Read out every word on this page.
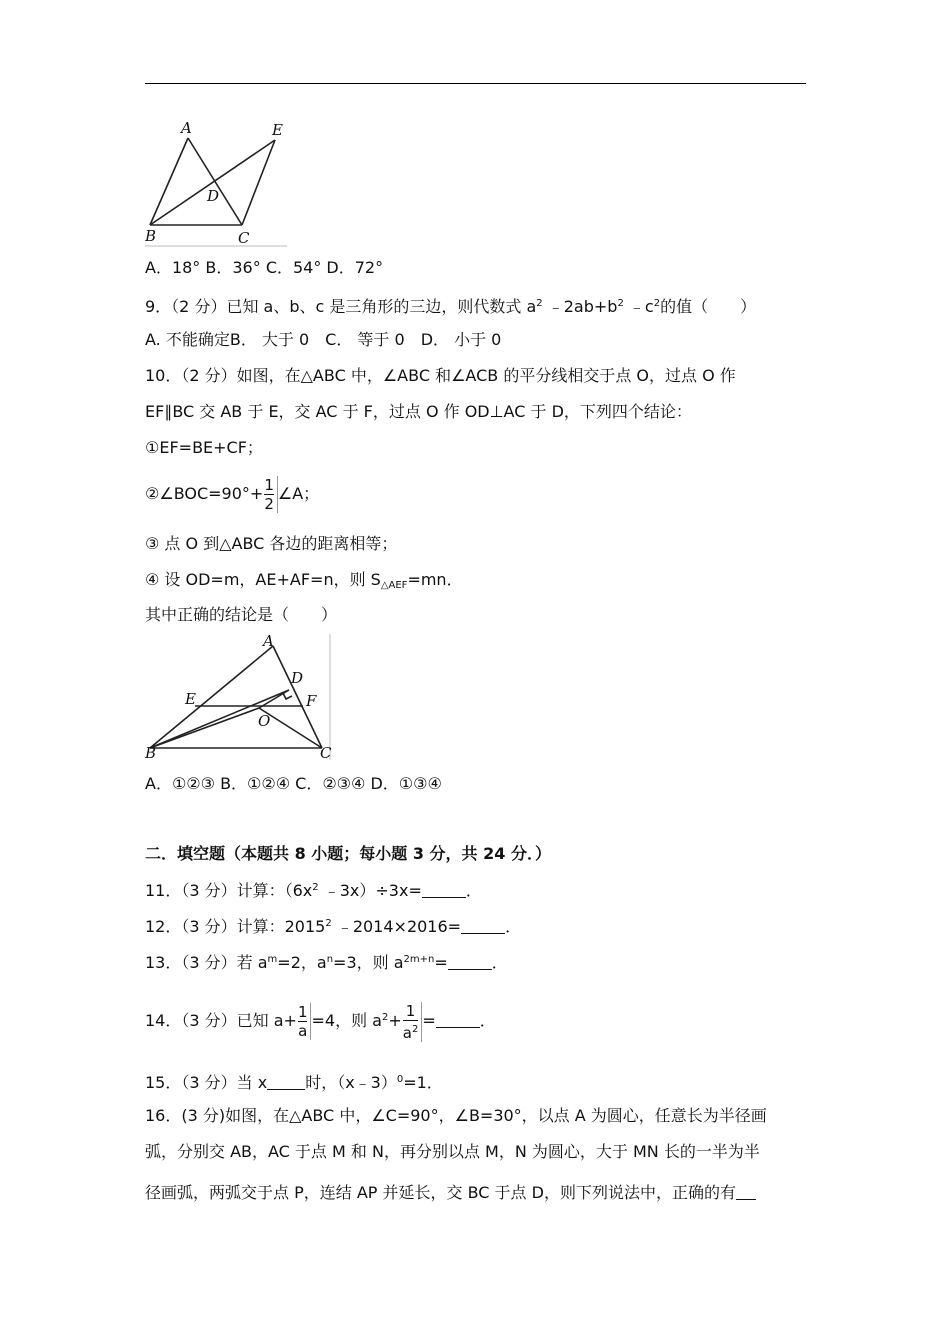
A	E
D
B	C
A．18° B．36° C．54° D．72°
9．（2 分）已知 a、b、c 是三角形的三边，则代数式 $a^2$ $﹣2ab+b^2$ $﹣c^2$的值（　　）
A. 不能确定B． 大于 0　C． 等于 0　D． 小于 0
10．（2 分）如图，在△ABC 中，∠ABC 和∠ACB 的平分线相交于点 O，过点 O 作
EF∥BC 交 AB 于 E，交 AC 于 F，过点 O 作 OD⊥AC 于 D，下列四个结论：
①EF=BE+CF；
②∠BOC=90°+ $\frac{1}{2}$ ∠A；
③ 点 O 到△ABC 各边的距离相等；
④ 设 OD=m，AE+AF=n，则 $S_{\triangle AEF}=mn$．
其中正确的结论是（　　）
A
D
E	F
O
B	C
A．①②③ B．①②④ C．②③④ D．①③④
二．填空题（本题共 8 小题；每小题 3 分，共 24 分．）
11．（3 分）计算：（$6x^2$ ﹣3x）÷3x=	．
12．（3 分）计算：2015$^2$ ﹣2014×2016=	．
13．（3 分）若 $a^m=2$，$a^n=3$，则 $a^{2m+n}=$	．
14．（3 分）已知 $a+ \frac{1}{a} =4$，则 $a^2+ \frac{1}{a^2}$ =	．
15．（3 分）当 x 时，（x﹣3）$^0$=1．
16．(3 分)如图，在△ABC 中，∠C=90°，∠B=30°，以点 A 为圆心，任意长为半径画
弧，分别交 AB，AC 于点 M 和 N，再分别以点 M，N 为圆心，大于 MN 长的一半为半
径画弧，两弧交于点 P，连结 AP 并延长，交 BC 于点 D，则下列说法中，正确的有
